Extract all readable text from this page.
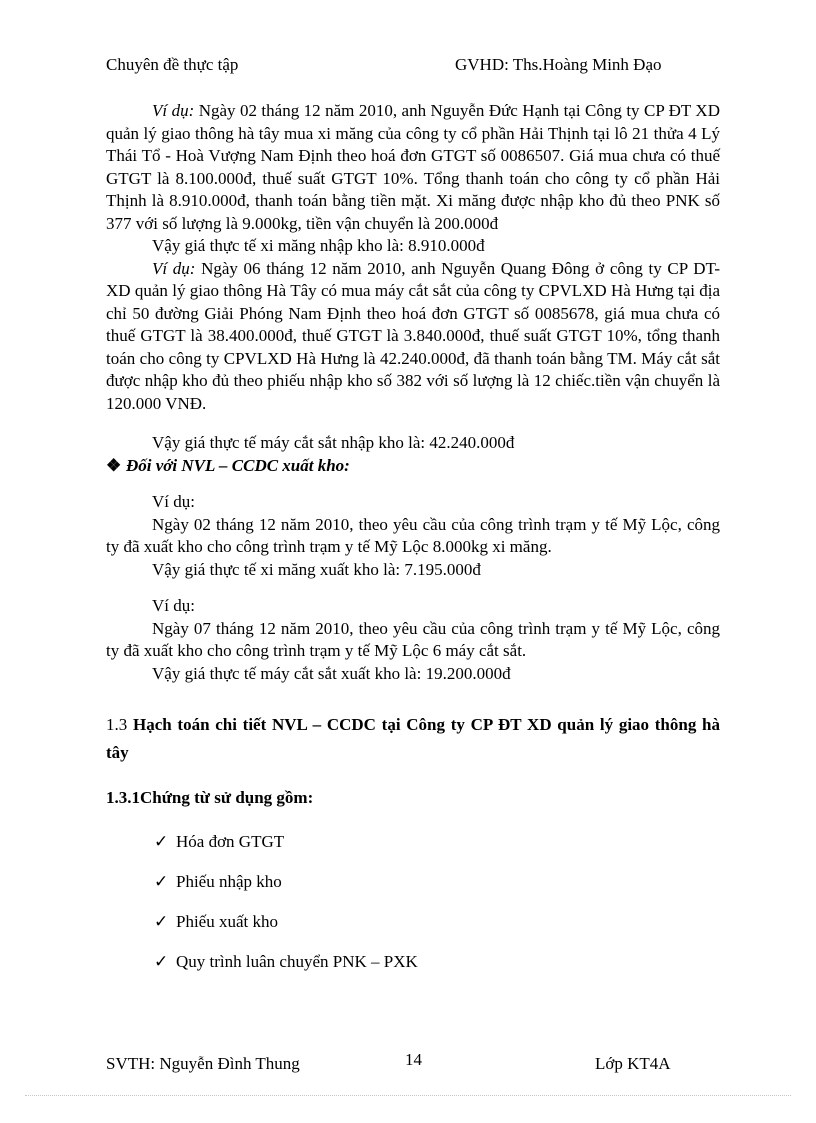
Chuyên đề thực tập	GVHD: Ths.Hoàng Minh Đạo

Ví dụ: Ngày 02 tháng 12 năm 2010, anh Nguyễn Đức Hạnh tại Công ty CP ĐT XD quản lý giao thông hà tây mua xi măng của công ty cổ phần Hải Thịnh tại lô 21 thửa 4 Lý Thái Tổ - Hoà Vượng Nam Định theo hoá đơn GTGT số 0086507. Giá mua chưa có thuế GTGT là 8.100.000đ, thuế suất GTGT 10%. Tổng thanh toán cho công ty cổ phần Hải Thịnh là 8.910.000đ, thanh toán bằng tiền mặt. Xi măng được nhập kho đủ theo PNK số 377 với số lượng là 9.000kg, tiền vận chuyển là 200.000đ

Vậy giá thực tế xi măng nhập kho là: 8.910.000đ

Ví dụ: Ngày 06 tháng 12 năm 2010, anh Nguyễn Quang Đông ở công ty CP DT-XD quản lý giao thông Hà Tây có mua máy cắt sắt của công ty CPVLXD Hà Hưng tại địa chỉ 50 đường Giải Phóng Nam Định theo hoá đơn GTGT số 0085678, giá mua chưa có thuế GTGT là 38.400.000đ, thuế GTGT là 3.840.000đ, thuế suất GTGT 10%, tổng thanh toán cho công ty CPVLXD Hà Hưng là 42.240.000đ, đã thanh toán bằng TM. Máy cắt sắt được nhập kho đủ theo phiếu nhập kho số 382 với số lượng là 12 chiếc.tiền vận chuyển là 120.000 VNĐ.

Vậy giá thực tế máy cắt sắt nhập kho là: 42.240.000đ

❖ Đối với NVL – CCDC xuất kho:

Ví dụ:

Ngày 02 tháng 12 năm 2010, theo yêu cầu của công trình trạm y tế Mỹ Lộc, công ty đã xuất kho cho công trình trạm y tế Mỹ Lộc 8.000kg xi măng.

Vậy giá thực tế xi măng xuất kho là: 7.195.000đ

Ví dụ:

Ngày 07 tháng 12 năm 2010, theo yêu cầu của công trình trạm y tế Mỹ Lộc, công ty đã xuất kho cho công trình trạm y tế Mỹ Lộc 6 máy cắt sắt.

Vậy giá thực tế máy cắt sắt xuất kho là: 19.200.000đ

1.3 Hạch toán chi tiết NVL – CCDC tại Công ty CP ĐT XD quản lý giao thông hà tây

1.3.1Chứng từ sử dụng gồm:

✓ Hóa đơn GTGT
✓ Phiếu nhập kho
✓ Phiếu xuất kho
✓ Quy trình luân chuyển PNK – PXK
SVTH: Nguyễn Đình Thung	14	Lớp KT4A
